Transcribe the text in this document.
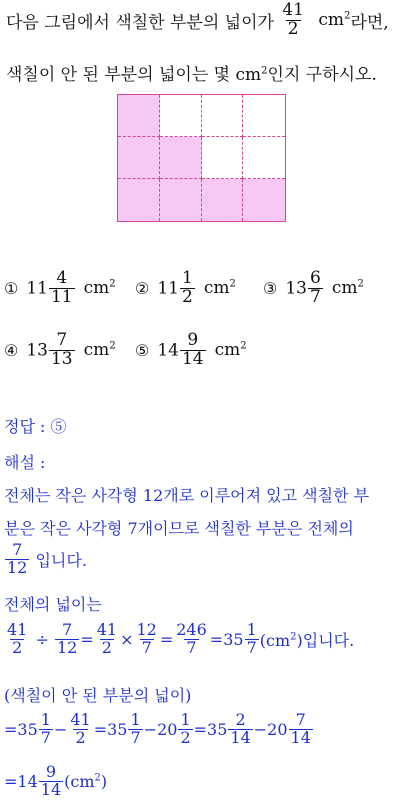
다음 그림에서 색칠한 부분의 넓이가 $\frac{41}{2} cm^2$라면,
색칠이 안 된 부분의 넓이는 몇 $cm^2$인지 구하시오.
① $11 \frac{4}{11} cm^2$ ② $11 \frac{1}{2} cm^2$ ③ $13 \frac{6}{7} cm^2$
④ $13 \frac{7}{13} cm^2$ ⑤ $14 \frac{9}{14} cm^2$
정답 : ⑤
해설 :
전체는 작은 사각형 12개로 이루어져 있고 색칠한 부
분은 작은 사각형 7개이므로 색칠한 부분은 전체의
$\frac{7}{12}$ 입니다.
전체의 넓이는
$\frac{41}{2} \div \frac{7}{12} = \frac{41}{2} \times \frac{12}{7} = \frac{246}{7} =35 \frac{1}{7} (cm^2)$입니다.
(색칠이 안 된 부분의 넓이)
$=35 \frac{1}{7} - \frac{41}{2} =35 \frac{1}{7} -20 \frac{1}{2} =35 \frac{2}{14} -20 \frac{7}{14}$
$=14 \frac{9}{14} (cm^2)$
